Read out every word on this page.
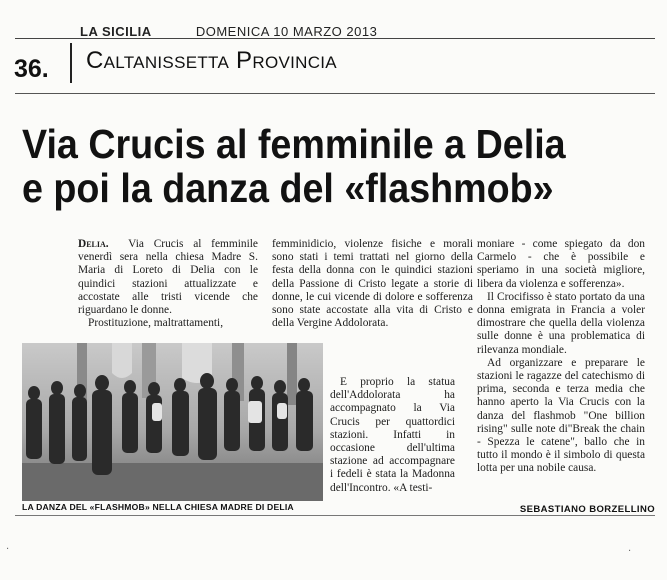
LA SICILIA	DOMENICA 10 MARZO 2013
36. Caltanissetta Provincia
Via Crucis al femminile a Delia
e poi la danza del «flashmob»

Delia. Via Crucis al femminile venerdì sera nella chiesa Madre S. Maria di Loreto di Delia con le quindici stazioni attualizzate e accostate alle tristi vicende che riguardano le donne.

Prostituzione, maltrattamenti,

femminidicio, violenze fisiche e morali sono stati i temi trattati nel giorno della festa della donna con le quindici stazioni della Passione di Cristo legate a storie di donne, le cui vicende di dolore e sofferenza sono state accostate alla vita di Cristo e della Vergine Addolorata.

E proprio la statua dell'Addolorata ha accompagnato la Via Crucis per quattordici stazioni. Infatti in occasione dell'ultima stazione ad accompagnare i fedeli è stata la Madonna dell'Incontro. «A testi-

moniare - come spiegato da don Carmelo - che è possibile e speriamo in una società migliore, libera da violenza e sofferenza».

Il Crocifisso è stato portato da una donna emigrata in Francia a voler dimostrare che quella della violenza sulle donne è una problematica di rilevanza mondiale.

Ad organizzare e preparare le stazioni le ragazze del catechismo di prima, seconda e terza media che hanno aperto la Via Crucis con la danza del flashmob "One billion rising" sulle note di"Break the chain - Spezza le catene", ballo che in tutto il mondo è il simbolo di questa lotta per una nobile causa.

LA DANZA DEL «FLASHMOB» NELLA CHIESA MADRE DI DELIA	SEBASTIANO BORZELLINO
·	·
